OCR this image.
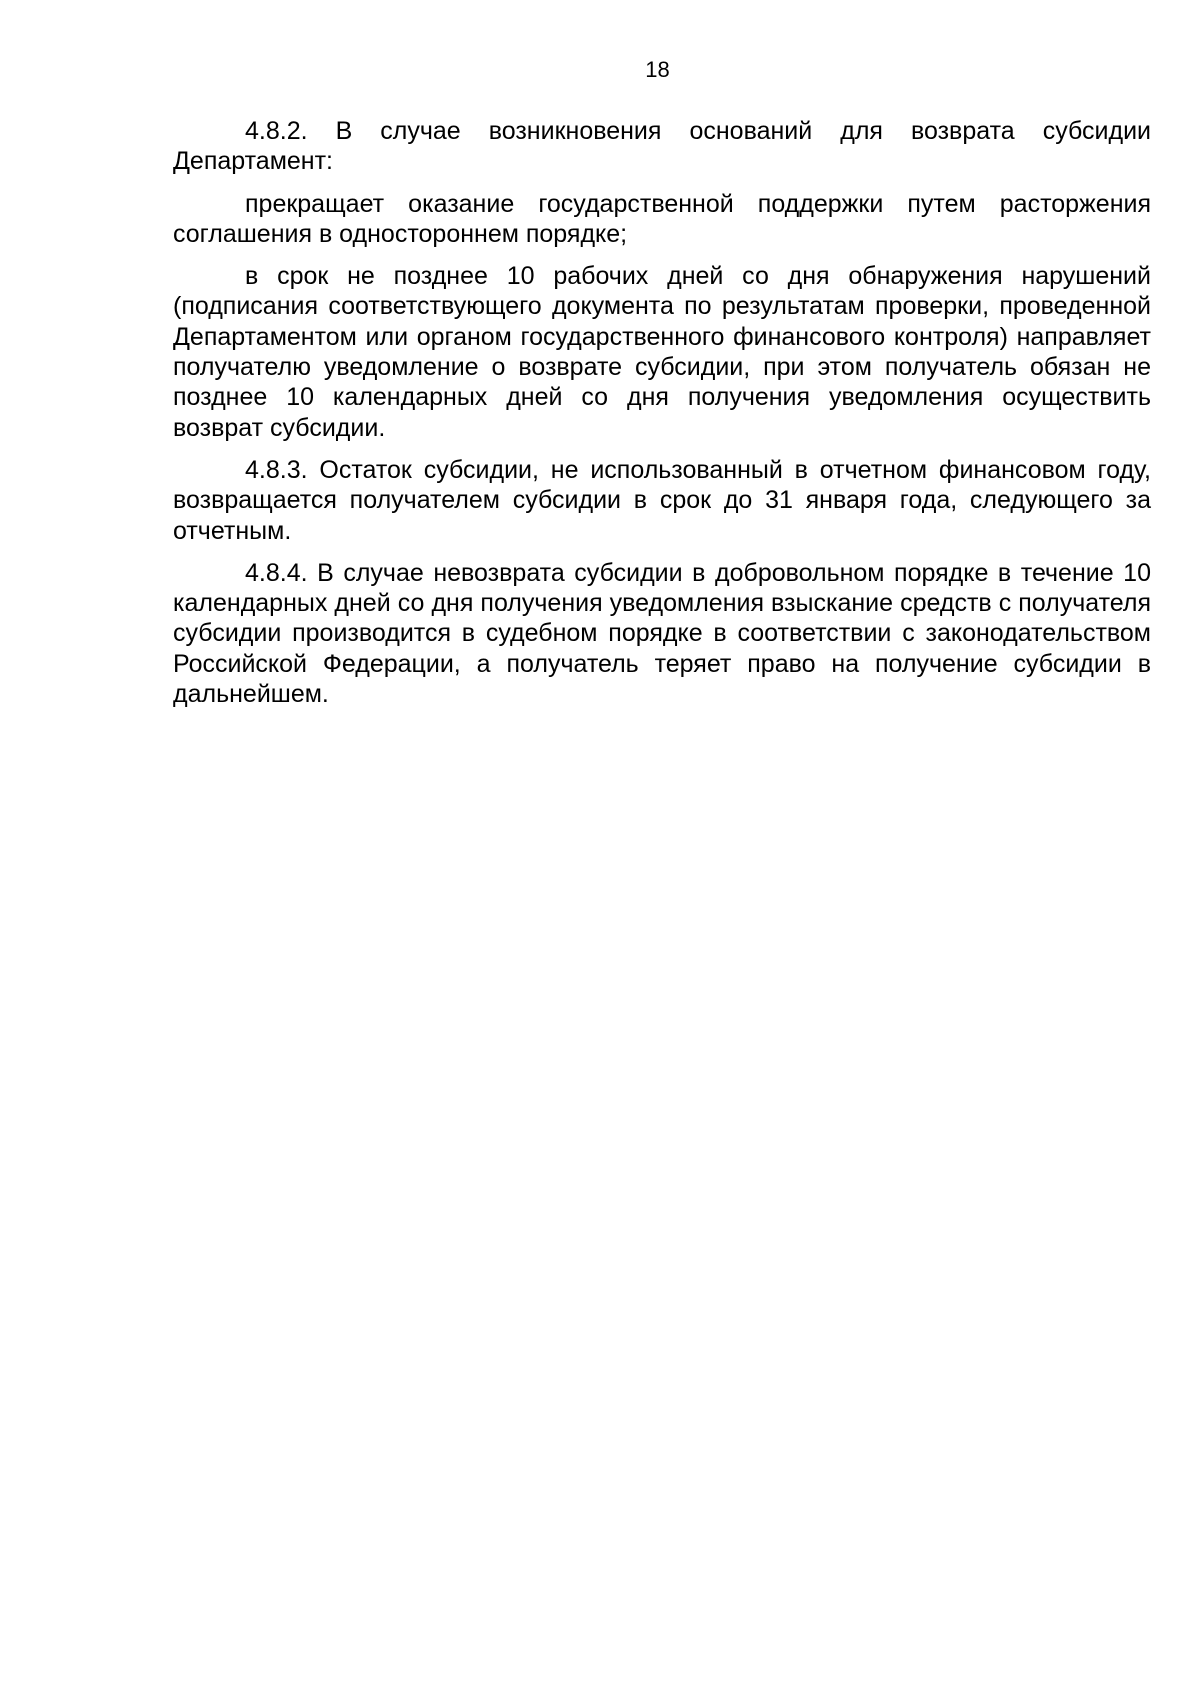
18

4.8.2. В случае возникновения оснований для возврата субсидии Департамент:

прекращает оказание государственной поддержки путем расторжения соглашения в одностороннем порядке;

в срок не позднее 10 рабочих дней со дня обнаружения нарушений (подписания соответствующего документа по результатам проверки, проведенной Департаментом или органом государственного финансового контроля) направляет получателю уведомление о возврате субсидии, при этом получатель обязан не позднее 10 календарных дней со дня получения уведомления осуществить возврат субсидии.

4.8.3. Остаток субсидии, не использованный в отчетном финансовом году, возвращается получателем субсидии в срок до 31 января года, следующего за отчетным.

4.8.4. В случае невозврата субсидии в добровольном порядке в течение 10 календарных дней со дня получения уведомления взыскание средств с получателя субсидии производится в судебном порядке в соответствии с законодательством Российской Федерации, а получатель теряет право на получение субсидии в дальнейшем.
